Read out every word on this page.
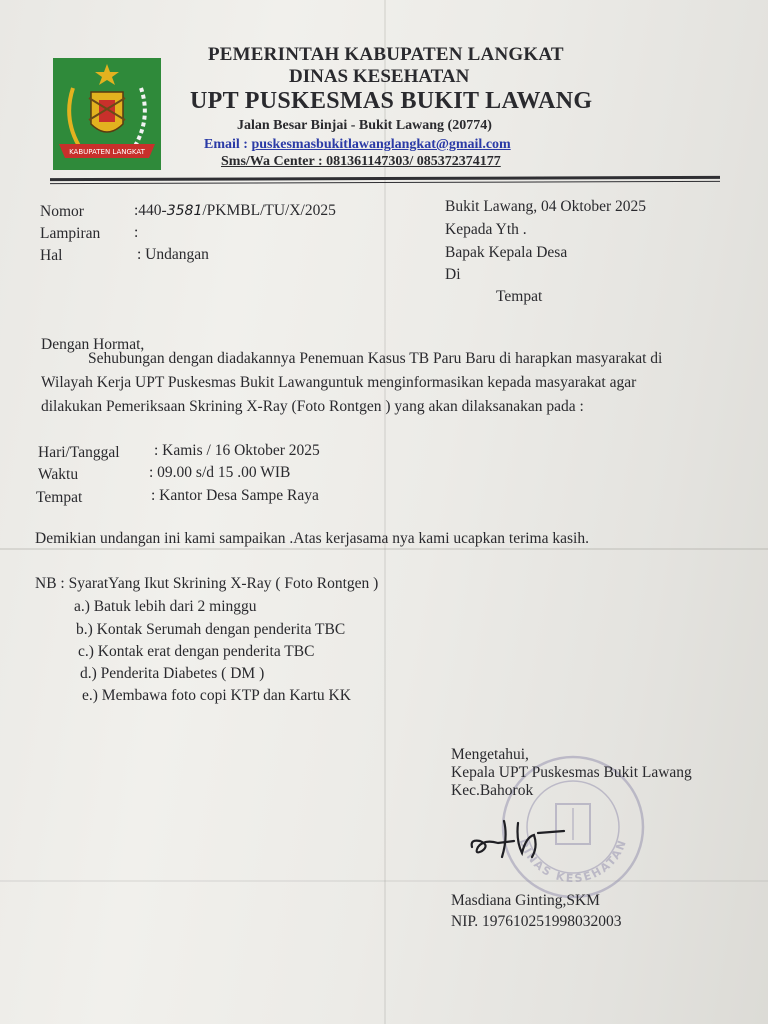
KABUPATEN LANGKAT
PEMERINTAH KABUPATEN LANGKAT
DINAS KESEHATAN
UPT PUSKESMAS BUKIT LAWANG
Jalan Besar Binjai - Bukit Lawang (20774)
Email : puskesmasbukitlawanglangkat@gmail.com
Sms/Wa Center : 081361147303/ 085372374177
Nomor	:440-3581/PKMBL/TU/X/2025
Lampiran :
Hal	: Undangan
Bukit Lawang, 04 Oktober 2025
Kepada Yth .
Bapak Kepala Desa
Di
Tempat
Dengan Hormat,
Sehubungan dengan diadakannya Penemuan Kasus TB Paru Baru di harapkan masyarakat di
Wilayah Kerja UPT Puskesmas Bukit Lawanguntuk menginformasikan kepada masyarakat agar
dilakukan Pemeriksaan Skrining X-Ray (Foto Rontgen ) yang akan dilaksanakan pada :
Hari/Tanggal : Kamis / 16 Oktober 2025
Waktu	: 09.00 s/d 15 .00 WIB
Tempat	: Kantor Desa Sampe Raya
Demikian undangan ini kami sampaikan .Atas kerjasama nya kami ucapkan terima kasih.
NB : SyaratYang Ikut Skrining X-Ray ( Foto Rontgen )
a.) Batuk lebih dari 2 minggu
b.) Kontak Serumah dengan penderita TBC
c.) Kontak erat dengan penderita TBC
d.) Penderita Diabetes ( DM )
e.) Membawa foto copi KTP dan Kartu KK
DINAS KESEHATAN
Mengetahui,
Kepala UPT Puskesmas Bukit Lawang
Kec.Bahorok
Masdiana Ginting,SKM
NIP. 197610251998032003
